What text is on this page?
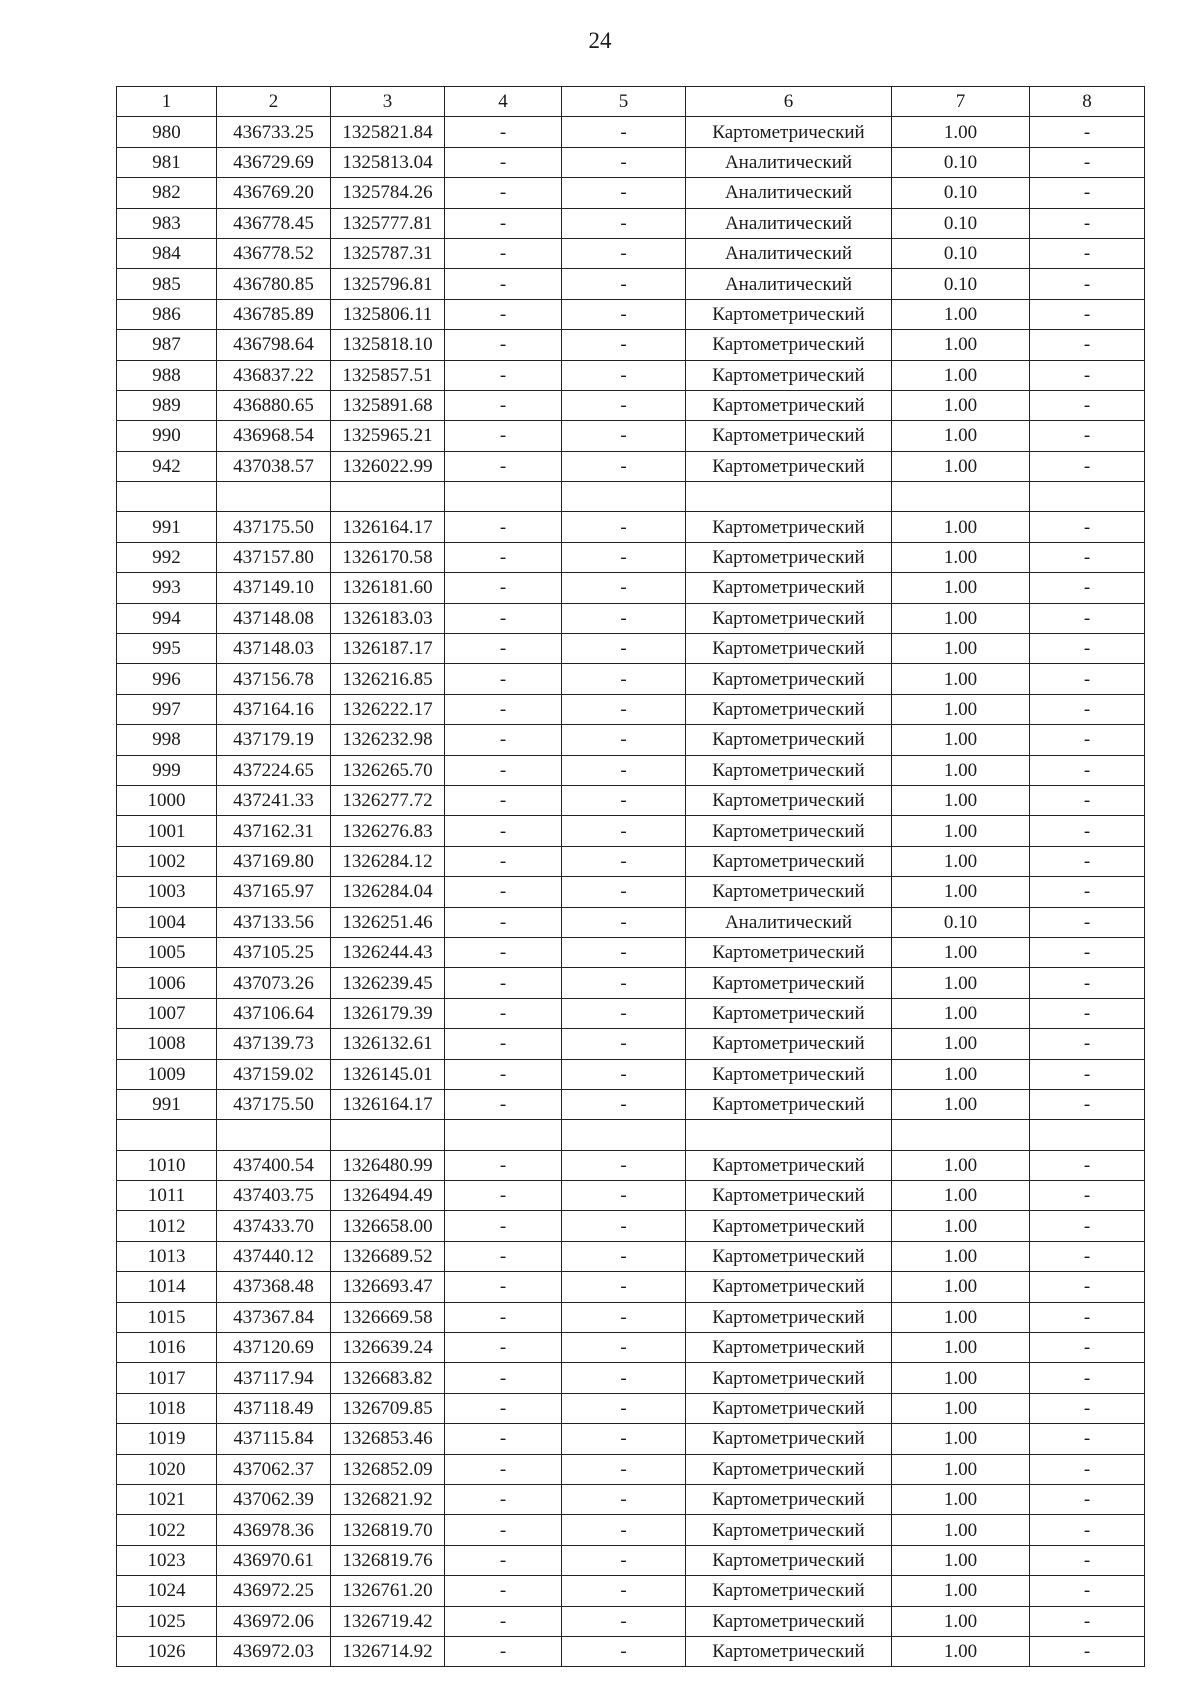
24
1	2	3	4	5	6	7	8
980	436733.25	1325821.84	-	-	Картометрический	1.00	-
981	436729.69	1325813.04	-	-	Аналитический	0.10	-
982	436769.20	1325784.26	-	-	Аналитический	0.10	-
983	436778.45	1325777.81	-	-	Аналитический	0.10	-
984	436778.52	1325787.31	-	-	Аналитический	0.10	-
985	436780.85	1325796.81	-	-	Аналитический	0.10	-
986	436785.89	1325806.11	-	-	Картометрический	1.00	-
987	436798.64	1325818.10	-	-	Картометрический	1.00	-
988	436837.22	1325857.51	-	-	Картометрический	1.00	-
989	436880.65	1325891.68	-	-	Картометрический	1.00	-
990	436968.54	1325965.21	-	-	Картометрический	1.00	-
942	437038.57	1326022.99	-	-	Картометрический	1.00	-

991	437175.50	1326164.17	-	-	Картометрический	1.00	-
992	437157.80	1326170.58	-	-	Картометрический	1.00	-
993	437149.10	1326181.60	-	-	Картометрический	1.00	-
994	437148.08	1326183.03	-	-	Картометрический	1.00	-
995	437148.03	1326187.17	-	-	Картометрический	1.00	-
996	437156.78	1326216.85	-	-	Картометрический	1.00	-
997	437164.16	1326222.17	-	-	Картометрический	1.00	-
998	437179.19	1326232.98	-	-	Картометрический	1.00	-
999	437224.65	1326265.70	-	-	Картометрический	1.00	-
1000	437241.33	1326277.72	-	-	Картометрический	1.00	-
1001	437162.31	1326276.83	-	-	Картометрический	1.00	-
1002	437169.80	1326284.12	-	-	Картометрический	1.00	-
1003	437165.97	1326284.04	-	-	Картометрический	1.00	-
1004	437133.56	1326251.46	-	-	Аналитический	0.10	-
1005	437105.25	1326244.43	-	-	Картометрический	1.00	-
1006	437073.26	1326239.45	-	-	Картометрический	1.00	-
1007	437106.64	1326179.39	-	-	Картометрический	1.00	-
1008	437139.73	1326132.61	-	-	Картометрический	1.00	-
1009	437159.02	1326145.01	-	-	Картометрический	1.00	-
991	437175.50	1326164.17	-	-	Картометрический	1.00	-

1010	437400.54	1326480.99	-	-	Картометрический	1.00	-
1011	437403.75	1326494.49	-	-	Картометрический	1.00	-
1012	437433.70	1326658.00	-	-	Картометрический	1.00	-
1013	437440.12	1326689.52	-	-	Картометрический	1.00	-
1014	437368.48	1326693.47	-	-	Картометрический	1.00	-
1015	437367.84	1326669.58	-	-	Картометрический	1.00	-
1016	437120.69	1326639.24	-	-	Картометрический	1.00	-
1017	437117.94	1326683.82	-	-	Картометрический	1.00	-
1018	437118.49	1326709.85	-	-	Картометрический	1.00	-
1019	437115.84	1326853.46	-	-	Картометрический	1.00	-
1020	437062.37	1326852.09	-	-	Картометрический	1.00	-
1021	437062.39	1326821.92	-	-	Картометрический	1.00	-
1022	436978.36	1326819.70	-	-	Картометрический	1.00	-
1023	436970.61	1326819.76	-	-	Картометрический	1.00	-
1024	436972.25	1326761.20	-	-	Картометрический	1.00	-
1025	436972.06	1326719.42	-	-	Картометрический	1.00	-
1026	436972.03	1326714.92	-	-	Картометрический	1.00	-
